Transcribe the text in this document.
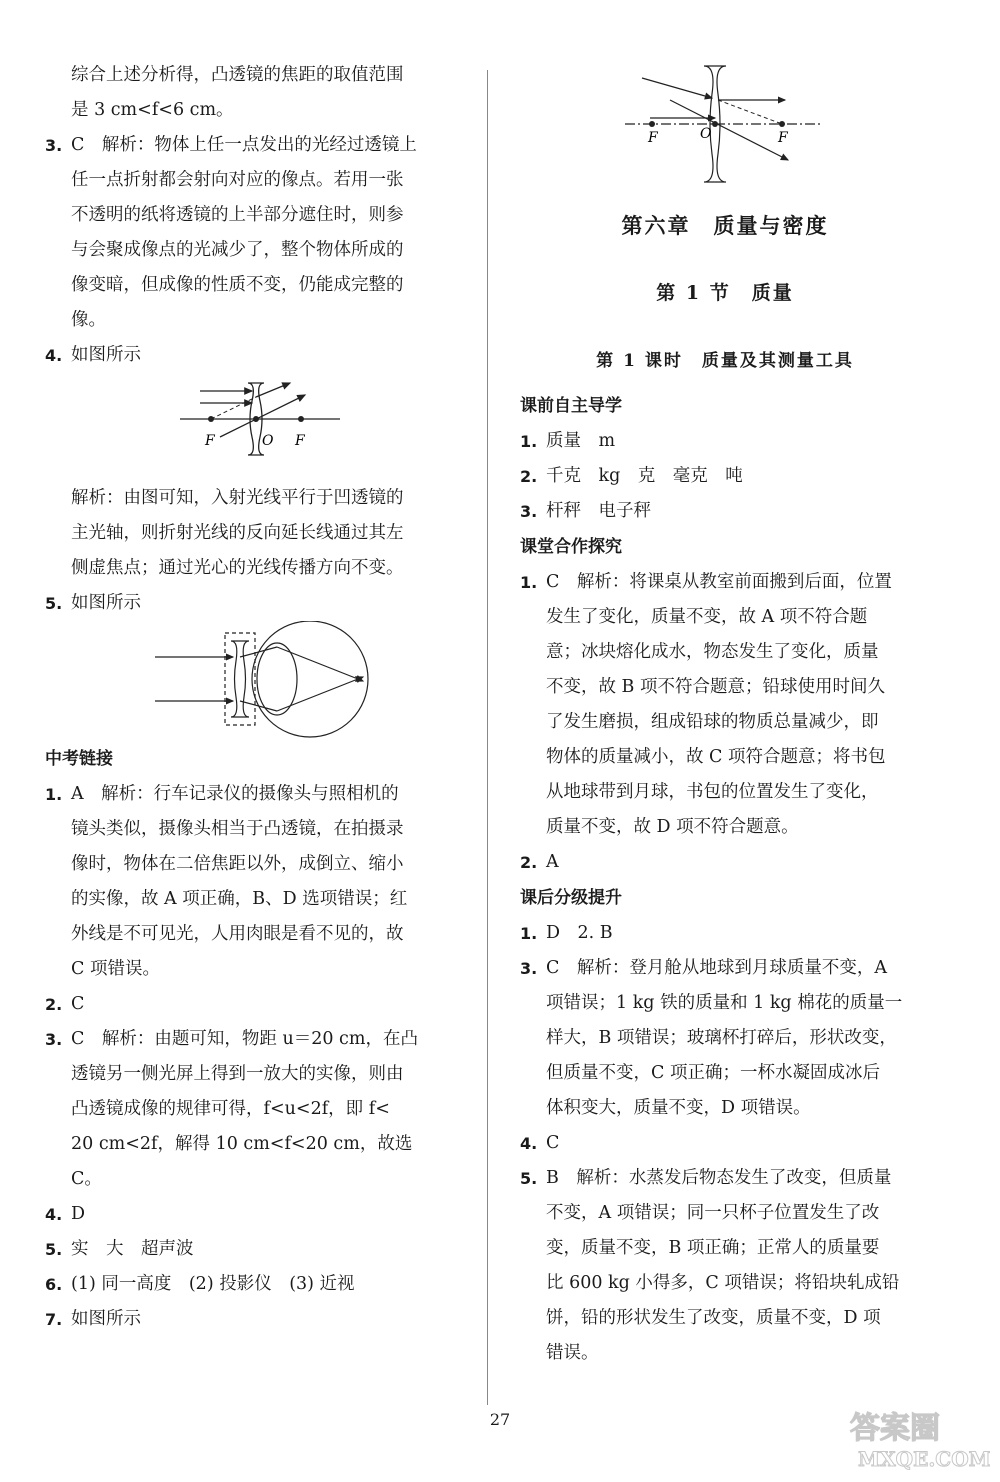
综合上述分析得，凸透镜的焦距的取值范围

是 3 cm<f<6 cm。

3. C　解析：物体上任一点发出的光经过透镜上
任一点折射都会射向对应的像点。若用一张
不透明的纸将透镜的上半部分遮住时，则参
与会聚成像点的光减少了，整个物体所成的
像变暗，但成像的性质不变，仍能成完整的
像。
4. 如图所示
F	O F

解析：由图可知，入射光线平行于凹透镜的

主光轴，则折射光线的反向延长线通过其左

侧虚焦点；通过光心的光线传播方向不变。

5. 如图所示
中考链接
1. A　解析：行车记录仪的摄像头与照相机的
镜头类似，摄像头相当于凸透镜，在拍摄录
像时，物体在二倍焦距以外，成倒立、缩小
的实像，故 A 项正确，B、D 选项错误；红
外线是不可见光，人用肉眼是看不见的，故
C 项错误。
2. C
3. C　解析：由题可知，物距 u＝20 cm，在凸
透镜另一侧光屏上得到一放大的实像，则由
凸透镜成像的规律可得，f<u<2f，即 f<
20 cm<2f，解得 10 cm<f<20 cm，故选
C。
4. D
5. 实　大　超声波
6. (1) 同一高度　(2) 投影仪　(3) 近视
7. 如图所示
F	O	F
第六章　质量与密度
第 1 节　质量
第 1 课时　质量及其测量工具
课前自主导学
1. 质量　m
2. 千克　kg　克　毫克　吨
3. 杆秤　电子秤
课堂合作探究
1. C　解析：将课桌从教室前面搬到后面，位置
发生了变化，质量不变，故 A 项不符合题
意；冰块熔化成水，物态发生了变化，质量
不变，故 B 项不符合题意；铅球使用时间久
了发生磨损，组成铅球的物质总量减少，即
物体的质量减小，故 C 项符合题意；将书包
从地球带到月球，书包的位置发生了变化，
质量不变，故 D 项不符合题意。
2. A
课后分级提升
1. D　2. B
3. C　解析：登月舱从地球到月球质量不变，A
项错误；1 kg 铁的质量和 1 kg 棉花的质量一
样大，B 项错误；玻璃杯打碎后，形状改变，
但质量不变，C 项正确；一杯水凝固成冰后
体积变大，质量不变，D 项错误。
4. C
5. B　解析：水蒸发后物态发生了改变，但质量
不变，A 项错误；同一只杯子位置发生了改
变，质量不变，B 项正确；正常人的质量要
比 600 kg 小得多，C 项错误；将铅块轧成铅
饼，铅的形状发生了改变，质量不变，D 项
错误。
27	答案圈
MXQE.COM
